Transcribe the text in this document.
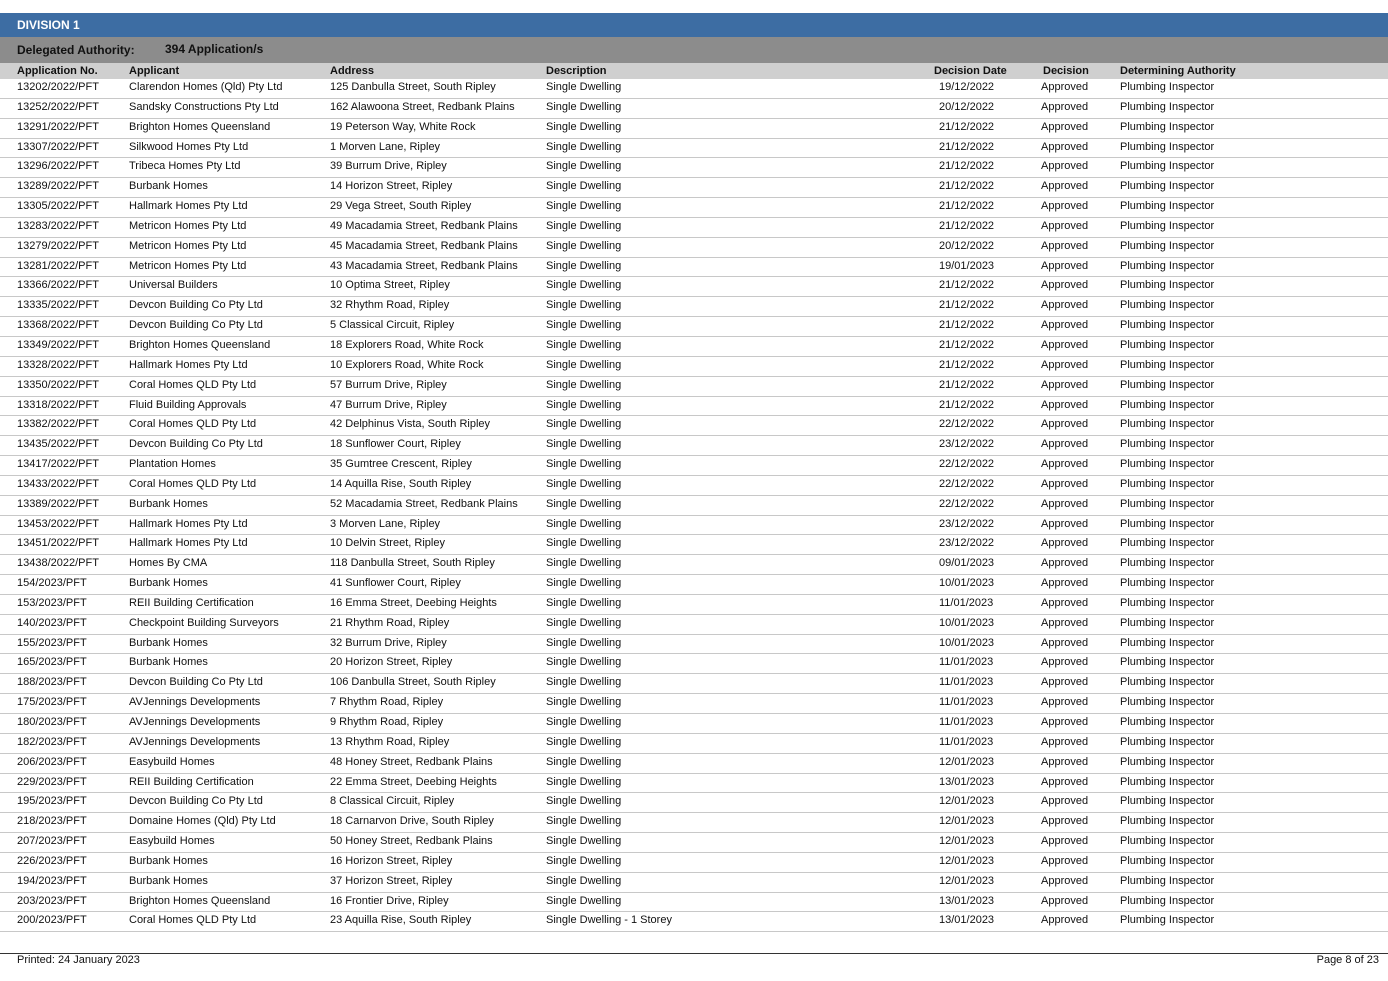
DIVISION 1
Delegated Authority:	394 Application/s
Application No.	Applicant	Address	Description	Decision Date	Decision	Determining Authority
13202/2022/PFT	Clarendon Homes (Qld) Pty Ltd	125 Danbulla Street, South Ripley	Single Dwelling	19/12/2022	Approved	Plumbing Inspector
13252/2022/PFT	Sandsky Constructions Pty Ltd	162 Alawoona Street, Redbank Plains	Single Dwelling	20/12/2022	Approved	Plumbing Inspector
13291/2022/PFT	Brighton Homes Queensland	19 Peterson Way, White Rock	Single Dwelling	21/12/2022	Approved	Plumbing Inspector
13307/2022/PFT	Silkwood Homes Pty Ltd	1 Morven Lane, Ripley	Single Dwelling	21/12/2022	Approved	Plumbing Inspector
13296/2022/PFT	Tribeca Homes Pty Ltd	39 Burrum Drive, Ripley	Single Dwelling	21/12/2022	Approved	Plumbing Inspector
13289/2022/PFT	Burbank Homes	14 Horizon Street, Ripley	Single Dwelling	21/12/2022	Approved	Plumbing Inspector
13305/2022/PFT	Hallmark Homes Pty Ltd	29 Vega Street, South Ripley	Single Dwelling	21/12/2022	Approved	Plumbing Inspector
13283/2022/PFT	Metricon Homes Pty Ltd	49 Macadamia Street, Redbank Plains	Single Dwelling	21/12/2022	Approved	Plumbing Inspector
13279/2022/PFT	Metricon Homes Pty Ltd	45 Macadamia Street, Redbank Plains	Single Dwelling	20/12/2022	Approved	Plumbing Inspector
13281/2022/PFT	Metricon Homes Pty Ltd	43 Macadamia Street, Redbank Plains	Single Dwelling	19/01/2023	Approved	Plumbing Inspector
13366/2022/PFT	Universal Builders	10 Optima Street, Ripley	Single Dwelling	21/12/2022	Approved	Plumbing Inspector
13335/2022/PFT	Devcon Building Co Pty Ltd	32 Rhythm Road, Ripley	Single Dwelling	21/12/2022	Approved	Plumbing Inspector
13368/2022/PFT	Devcon Building Co Pty Ltd	5 Classical Circuit, Ripley	Single Dwelling	21/12/2022	Approved	Plumbing Inspector
13349/2022/PFT	Brighton Homes Queensland	18 Explorers Road, White Rock	Single Dwelling	21/12/2022	Approved	Plumbing Inspector
13328/2022/PFT	Hallmark Homes Pty Ltd	10 Explorers Road, White Rock	Single Dwelling	21/12/2022	Approved	Plumbing Inspector
13350/2022/PFT	Coral Homes QLD Pty Ltd	57 Burrum Drive, Ripley	Single Dwelling	21/12/2022	Approved	Plumbing Inspector
13318/2022/PFT	Fluid Building Approvals	47 Burrum Drive, Ripley	Single Dwelling	21/12/2022	Approved	Plumbing Inspector
13382/2022/PFT	Coral Homes QLD Pty Ltd	42 Delphinus Vista, South Ripley	Single Dwelling	22/12/2022	Approved	Plumbing Inspector
13435/2022/PFT	Devcon Building Co Pty Ltd	18 Sunflower Court, Ripley	Single Dwelling	23/12/2022	Approved	Plumbing Inspector
13417/2022/PFT	Plantation Homes	35 Gumtree Crescent, Ripley	Single Dwelling	22/12/2022	Approved	Plumbing Inspector
13433/2022/PFT	Coral Homes QLD Pty Ltd	14 Aquilla Rise, South Ripley	Single Dwelling	22/12/2022	Approved	Plumbing Inspector
13389/2022/PFT	Burbank Homes	52 Macadamia Street, Redbank Plains	Single Dwelling	22/12/2022	Approved	Plumbing Inspector
13453/2022/PFT	Hallmark Homes Pty Ltd	3 Morven Lane, Ripley	Single Dwelling	23/12/2022	Approved	Plumbing Inspector
13451/2022/PFT	Hallmark Homes Pty Ltd	10 Delvin Street, Ripley	Single Dwelling	23/12/2022	Approved	Plumbing Inspector
13438/2022/PFT	Homes By CMA	118 Danbulla Street, South Ripley	Single Dwelling	09/01/2023	Approved	Plumbing Inspector
154/2023/PFT	Burbank Homes	41 Sunflower Court, Ripley	Single Dwelling	10/01/2023	Approved	Plumbing Inspector
153/2023/PFT	REII Building Certification	16 Emma Street, Deebing Heights	Single Dwelling	11/01/2023	Approved	Plumbing Inspector
140/2023/PFT	Checkpoint Building Surveyors	21 Rhythm Road, Ripley	Single Dwelling	10/01/2023	Approved	Plumbing Inspector
155/2023/PFT	Burbank Homes	32 Burrum Drive, Ripley	Single Dwelling	10/01/2023	Approved	Plumbing Inspector
165/2023/PFT	Burbank Homes	20 Horizon Street, Ripley	Single Dwelling	11/01/2023	Approved	Plumbing Inspector
188/2023/PFT	Devcon Building Co Pty Ltd	106 Danbulla Street, South Ripley	Single Dwelling	11/01/2023	Approved	Plumbing Inspector
175/2023/PFT	AVJennings Developments	7 Rhythm Road, Ripley	Single Dwelling	11/01/2023	Approved	Plumbing Inspector
180/2023/PFT	AVJennings Developments	9 Rhythm Road, Ripley	Single Dwelling	11/01/2023	Approved	Plumbing Inspector
182/2023/PFT	AVJennings Developments	13 Rhythm Road, Ripley	Single Dwelling	11/01/2023	Approved	Plumbing Inspector
206/2023/PFT	Easybuild Homes	48 Honey Street, Redbank Plains	Single Dwelling	12/01/2023	Approved	Plumbing Inspector
229/2023/PFT	REII Building Certification	22 Emma Street, Deebing Heights	Single Dwelling	13/01/2023	Approved	Plumbing Inspector
195/2023/PFT	Devcon Building Co Pty Ltd	8 Classical Circuit, Ripley	Single Dwelling	12/01/2023	Approved	Plumbing Inspector
218/2023/PFT	Domaine Homes (Qld) Pty Ltd	18 Carnarvon Drive, South Ripley	Single Dwelling	12/01/2023	Approved	Plumbing Inspector
207/2023/PFT	Easybuild Homes	50 Honey Street, Redbank Plains	Single Dwelling	12/01/2023	Approved	Plumbing Inspector
226/2023/PFT	Burbank Homes	16 Horizon Street, Ripley	Single Dwelling	12/01/2023	Approved	Plumbing Inspector
194/2023/PFT	Burbank Homes	37 Horizon Street, Ripley	Single Dwelling	12/01/2023	Approved	Plumbing Inspector
203/2023/PFT	Brighton Homes Queensland	16 Frontier Drive, Ripley	Single Dwelling	13/01/2023	Approved	Plumbing Inspector
200/2023/PFT	Coral Homes QLD Pty Ltd	23 Aquilla Rise, South Ripley	Single Dwelling - 1 Storey	13/01/2023	Approved	Plumbing Inspector
Printed: 24 January 2023	Page 8 of 23
